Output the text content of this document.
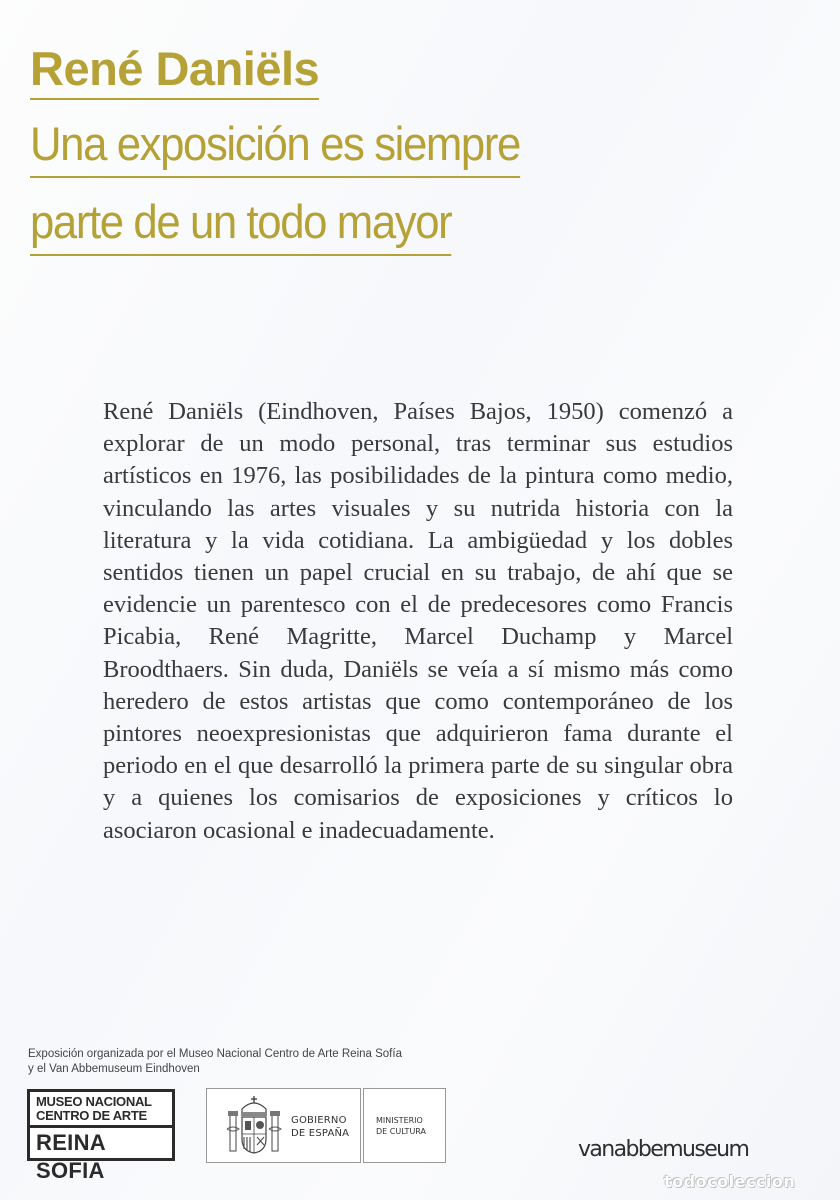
René Daniëls
Una exposición es siempre
parte de un todo mayor

René Daniëls (Eindhoven, Países Bajos, 1950) comenzó a explorar de un modo personal, tras terminar sus estudios artísticos en 1976, las posibilidades de la pintura como medio, vinculando las artes visuales y su nutrida historia con la literatura y la vida cotidiana. La ambigüedad y los dobles sentidos tienen un papel crucial en su trabajo, de ahí que se evidencie un parentesco con el de predecesores como Francis Picabia, René Magritte, Marcel Duchamp y Marcel Broodthaers. Sin duda, Daniëls se veía a sí mismo más como heredero de estos artistas que como contemporáneo de los pintores neoexpresionistas que adquirieron fama durante el periodo en el que desarrolló la primera parte de su singular obra y a quienes los comisarios de exposiciones y críticos lo asociaron ocasional e inadecuadamente.

Exposición organizada por el Museo Nacional Centro de Arte Reina Sofía
y el Van Abbemuseum Eindhoven
MUSEO NACIONAL
CENTRO DE ARTE
REINA SOFIA
GOBIERNO
DE ESPAÑA
MINISTERIO
DE CULTURA
vanabbemuseum
todocoleccion
